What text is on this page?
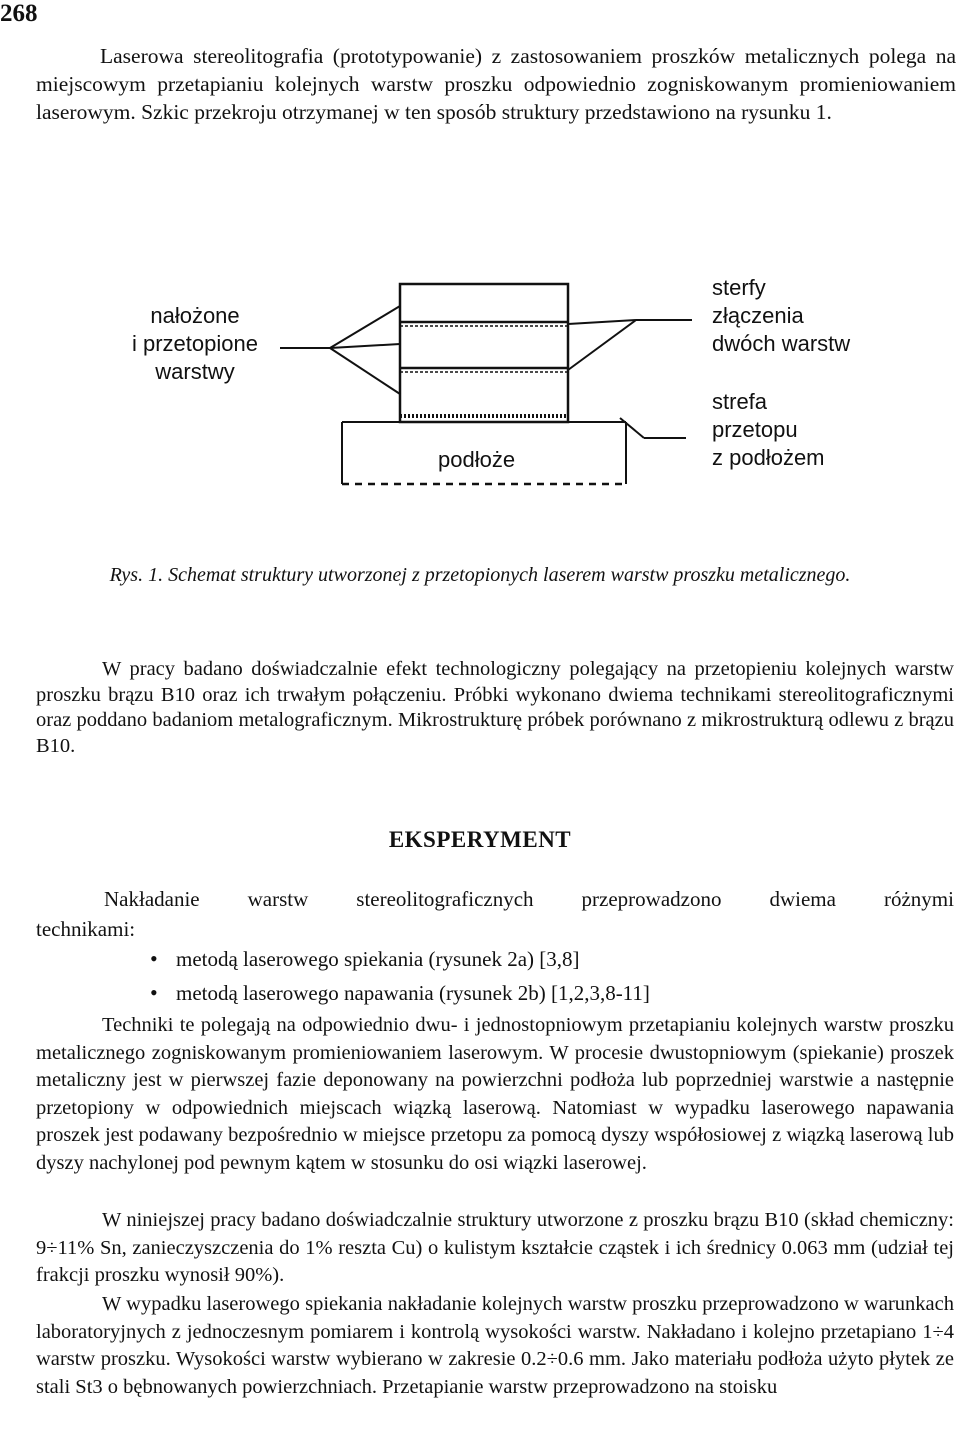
268

Laserowa stereolitografia (prototypowanie) z zastosowaniem proszków metalicznych polega na miejscowym przetapianiu kolejnych warstw proszku odpowiednio zogniskowanym promieniowaniem laserowym. Szkic przekroju otrzymanej w ten sposób struktury przedstawiono na rysunku 1.

nałożone
i przetopione
warstwy
sterfy
złączenia
dwóch warstw
strefa
przetopu
z podłożem
podłoże
Rys. 1. Schemat struktury utworzonej z przetopionych laserem warstw proszku metalicznego.

W pracy badano doświadczalnie efekt technologiczny polegający na przetopieniu kolejnych warstw proszku brązu B10 oraz ich trwałym połączeniu. Próbki wykonano dwiema technikami stereolitograficznymi oraz poddano badaniom metalograficznym. Mikrostrukturę próbek porównano z mikrostrukturą odlewu z brązu B10.

EKSPERYMENT
Nakładanie warstw stereolitograficznych przeprowadzono dwiema różnymi
technikami:
• metodą laserowego spiekania (rysunek 2a) [3,8]
• metodą laserowego napawania (rysunek 2b) [1,2,3,8-11]

Techniki te polegają na odpowiednio dwu- i jednostopniowym przetapianiu kolejnych warstw proszku metalicznego zogniskowanym promieniowaniem laserowym. W procesie dwustopniowym (spiekanie) proszek metaliczny jest w pierwszej fazie deponowany na powierzchni podłoża lub poprzedniej warstwie a następnie przetopiony w odpowiednich miejscach wiązką laserową. Natomiast w wypadku laserowego napawania proszek jest podawany bezpośrednio w miejsce przetopu za pomocą dyszy współosiowej z wiązką laserową lub dyszy nachylonej pod pewnym kątem w stosunku do osi wiązki laserowej.

W niniejszej pracy badano doświadczalnie struktury utworzone z proszku brązu B10 (skład chemiczny: 9÷11% Sn, zanieczyszczenia do 1% reszta Cu) o kulistym kształcie cząstek i ich średnicy 0.063 mm (udział tej frakcji proszku wynosił 90%).

W wypadku laserowego spiekania nakładanie kolejnych warstw proszku przeprowadzono w warunkach laboratoryjnych z jednoczesnym pomiarem i kontrolą wysokości warstw. Nakładano i kolejno przetapiano 1÷4 warstw proszku. Wysokości warstw wybierano w zakresie 0.2÷0.6 mm. Jako materiału podłoża użyto płytek ze stali St3 o bębnowanych powierzchniach. Przetapianie warstw przeprowadzono na stoisku
